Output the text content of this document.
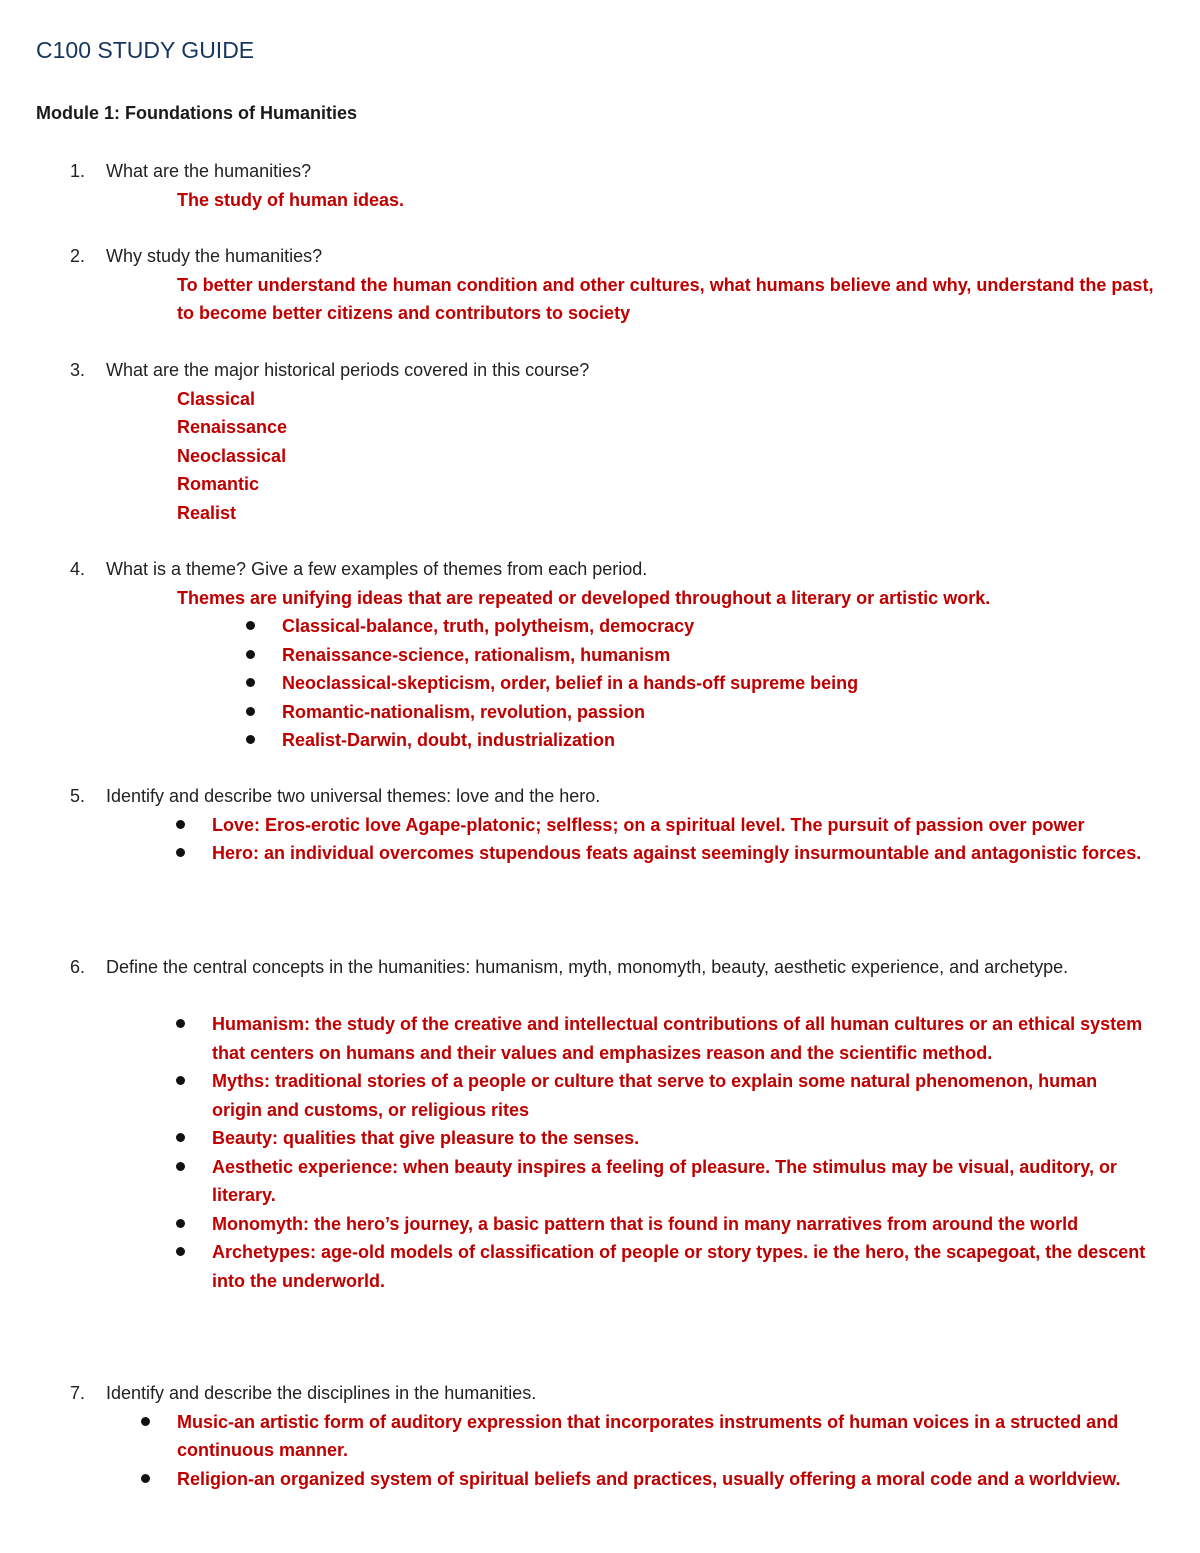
C100 STUDY GUIDE
Module 1: Foundations of Humanities
1. What are the humanities?

The study of human ideas.

2. Why study the humanities?

To better understand the human condition and other cultures, what humans believe and why, understand the past, to become better citizens and contributors to society

3. What are the major historical periods covered in this course?
Classical
Renaissance
Neoclassical
Romantic
Realist
4. What is a theme? Give a few examples of themes from each period.

Themes are unifying ideas that are repeated or developed throughout a literary or artistic work.

Classical-balance, truth, polytheism, democracy
Renaissance-science, rationalism, humanism
Neoclassical-skepticism, order, belief in a hands-off supreme being
Romantic-nationalism, revolution, passion
Realist-Darwin, doubt, industrialization
5. Identify and describe two universal themes: love and the hero.
Love: Eros-erotic love Agape-platonic; selfless; on a spiritual level. The pursuit of passion over power
Hero: an individual overcomes stupendous feats against seemingly insurmountable and antagonistic forces.
6. Define the central concepts in the humanities: humanism, myth, monomyth, beauty, aesthetic experience, and archetype.
Humanism: the study of the creative and intellectual contributions of all human cultures or an ethical system that centers on humans and their values and emphasizes reason and the scientific method.
Myths: traditional stories of a people or culture that serve to explain some natural phenomenon, human origin and customs, or religious rites
Beauty: qualities that give pleasure to the senses.
Aesthetic experience: when beauty inspires a feeling of pleasure. The stimulus may be visual, auditory, or literary.
Monomyth: the hero’s journey, a basic pattern that is found in many narratives from around the world
Archetypes: age-old models of classification of people or story types. ie the hero, the scapegoat, the descent into the underworld.
7. Identify and describe the disciplines in the humanities.
Music-an artistic form of auditory expression that incorporates instruments of human voices in a structed and continuous manner.
Religion-an organized system of spiritual beliefs and practices, usually offering a moral code and a worldview.
